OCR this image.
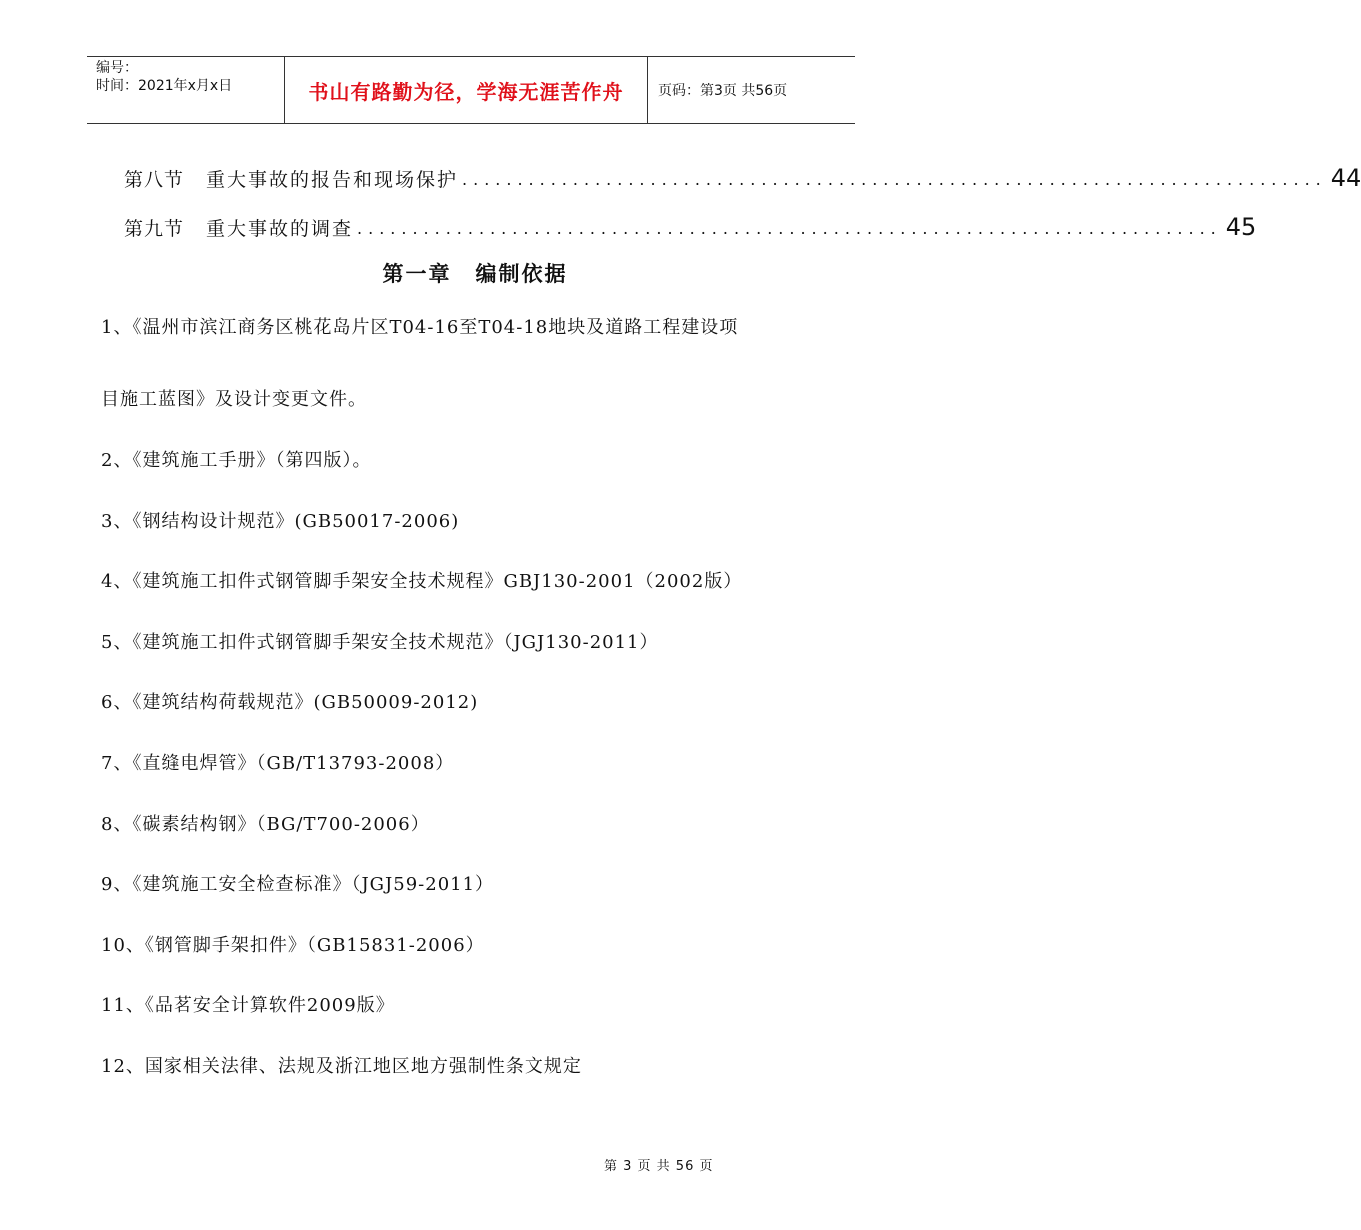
编号：
时间：2021年x月x日	书山有路勤为径，学海无涯苦作舟	页码：第3页 共56页
第八节 重大事故的报告和现场保护 .............................................................................. 44
第九节 重大事故的调查 .............................................................................. 45
第一章 编制依据
1、《温州市滨江商务区桃花岛片区T04-16至T04-18地块及道路工程建设项
目施工蓝图》及设计变更文件。
2、《建筑施工手册》（第四版）。
3、《钢结构设计规范》(GB50017-2006)
4、《建筑施工扣件式钢管脚手架安全技术规程》GBJ130-2001（2002版）
5、《建筑施工扣件式钢管脚手架安全技术规范》（JGJ130-2011）
6、《建筑结构荷载规范》(GB50009-2012)
7、《直缝电焊管》（GB/T13793-2008）
8、《碳素结构钢》（BG/T700-2006）
9、《建筑施工安全检查标准》（JGJ59-2011）
10、《钢管脚手架扣件》（GB15831-2006）
11、《品茗安全计算软件2009版》
12、国家相关法律、法规及浙江地区地方强制性条文规定
第 3 页 共 56 页
